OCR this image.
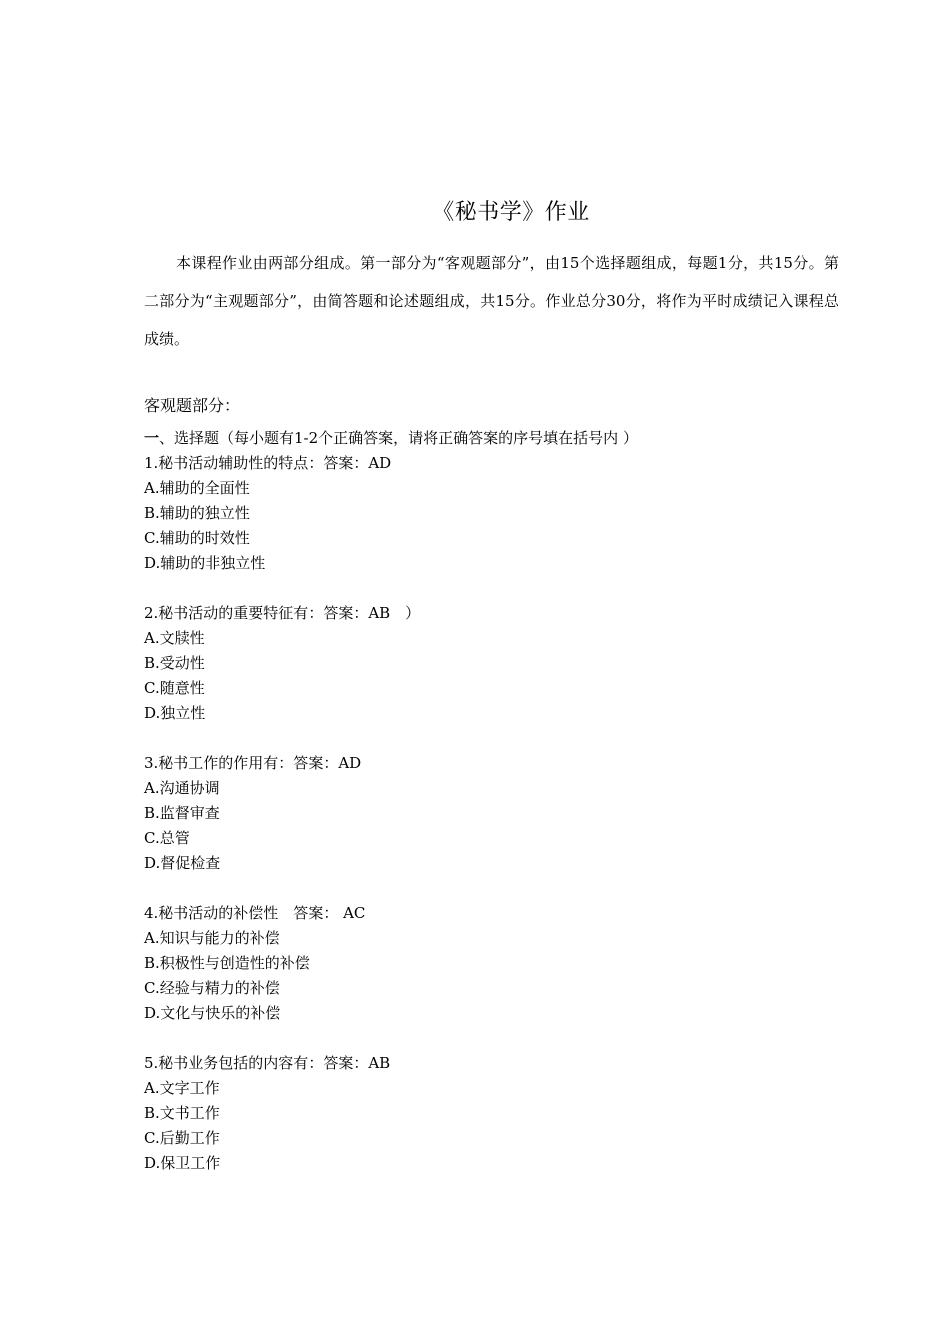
《秘书学》作业
本课程作业由两部分组成。第一部分为“客观题部分”，由15个选择题组成，每题1分，共15分。第二部分为“主观题部分”，由简答题和论述题组成，共15分。作业总分30分，将作为平时成绩记入课程总成绩。
客观题部分：
一、选择题（每小题有1-2个正确答案，请将正确答案的序号填在括号内 ）
1.秘书活动辅助性的特点：答案：AD
A.辅助的全面性
B.辅助的独立性
C.辅助的时效性
D.辅助的非独立性
2.秘书活动的重要特征有：答案：AB　）
A.文牍性
B.受动性
C.随意性
D.独立性
3.秘书工作的作用有：答案：AD
A.沟通协调
B.监督审查
C.总管
D.督促检查
4.秘书活动的补偿性　答案： AC
A.知识与能力的补偿
B.积极性与创造性的补偿
C.经验与精力的补偿
D.文化与快乐的补偿
5.秘书业务包括的内容有：答案：AB
A.文字工作
B.文书工作
C.后勤工作
D.保卫工作
